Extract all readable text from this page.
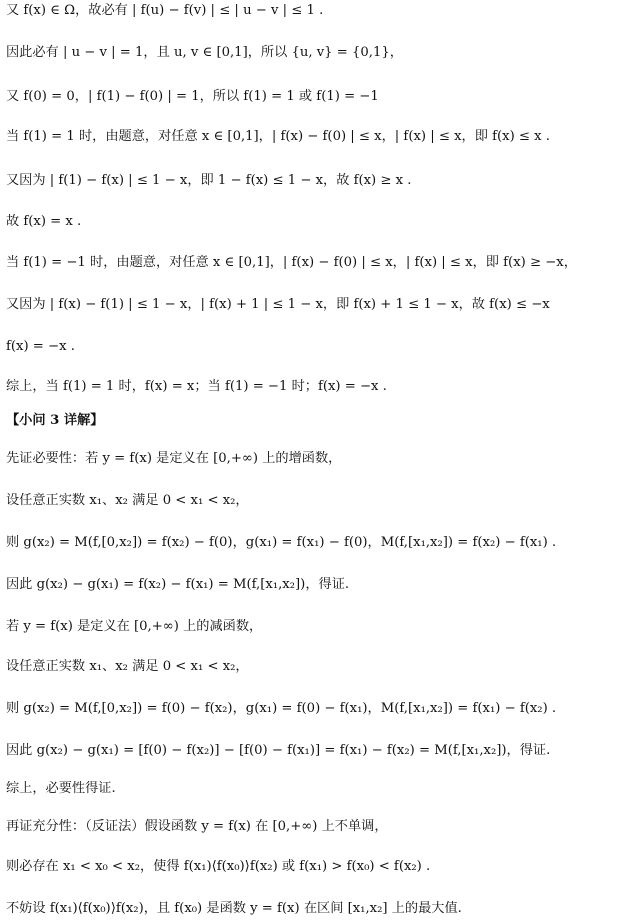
又 f(x) ∈ Ω，故必有 | f(u) − f(v) | ≤ | u − v | ≤ 1 .
因此必有 | u − v | = 1，且 u, v ∈ [0,1]，所以 {u, v} = {0,1}，
又 f(0) = 0，| f(1) − f(0) | = 1，所以 f(1) = 1 或 f(1) = −1
当 f(1) = 1 时，由题意，对任意 x ∈ [0,1]，| f(x) − f(0) | ≤ x，| f(x) | ≤ x，即 f(x) ≤ x .
又因为 | f(1) − f(x) | ≤ 1 − x，即 1 − f(x) ≤ 1 − x，故 f(x) ≥ x .
故 f(x) = x .
当 f(1) = −1 时，由题意，对任意 x ∈ [0,1]，| f(x) − f(0) | ≤ x，| f(x) | ≤ x，即 f(x) ≥ −x，
又因为 | f(x) − f(1) | ≤ 1 − x，| f(x) + 1 | ≤ 1 − x，即 f(x) + 1 ≤ 1 − x，故 f(x) ≤ −x
f(x) = −x .
综上，当 f(1) = 1 时，f(x) = x；当 f(1) = −1 时；f(x) = −x .
【小问 3 详解】
先证必要性：若 y = f(x) 是定义在 [0,+∞) 上的增函数，
设任意正实数 x₁、x₂ 满足 0 < x₁ < x₂，
则 g(x₂) = M(f,[0,x₂]) = f(x₂) − f(0)，g(x₁) = f(x₁) − f(0)，M(f,[x₁,x₂]) = f(x₂) − f(x₁) .
因此 g(x₂) − g(x₁) = f(x₂) − f(x₁) = M(f,[x₁,x₂])，得证.
若 y = f(x) 是定义在 [0,+∞) 上的减函数，
设任意正实数 x₁、x₂ 满足 0 < x₁ < x₂，
则 g(x₂) = M(f,[0,x₂]) = f(0) − f(x₂)，g(x₁) = f(0) − f(x₁)，M(f,[x₁,x₂]) = f(x₁) − f(x₂) .
因此 g(x₂) − g(x₁) = [f(0) − f(x₂)] − [f(0) − f(x₁)] = f(x₁) − f(x₂) = M(f,[x₁,x₂])，得证.
综上，必要性得证.
再证充分性：（反证法）假设函数 y = f(x) 在 [0,+∞) 上不单调，
则必存在 x₁ < x₀ < x₂，使得 f(x₁)⟨f(x₀)⟩f(x₂) 或 f(x₁) > f(x₀) < f(x₂) .
不妨设 f(x₁)⟨f(x₀)⟩f(x₂)，且 f(x₀) 是函数 y = f(x) 在区间 [x₁,x₂] 上的最大值.
